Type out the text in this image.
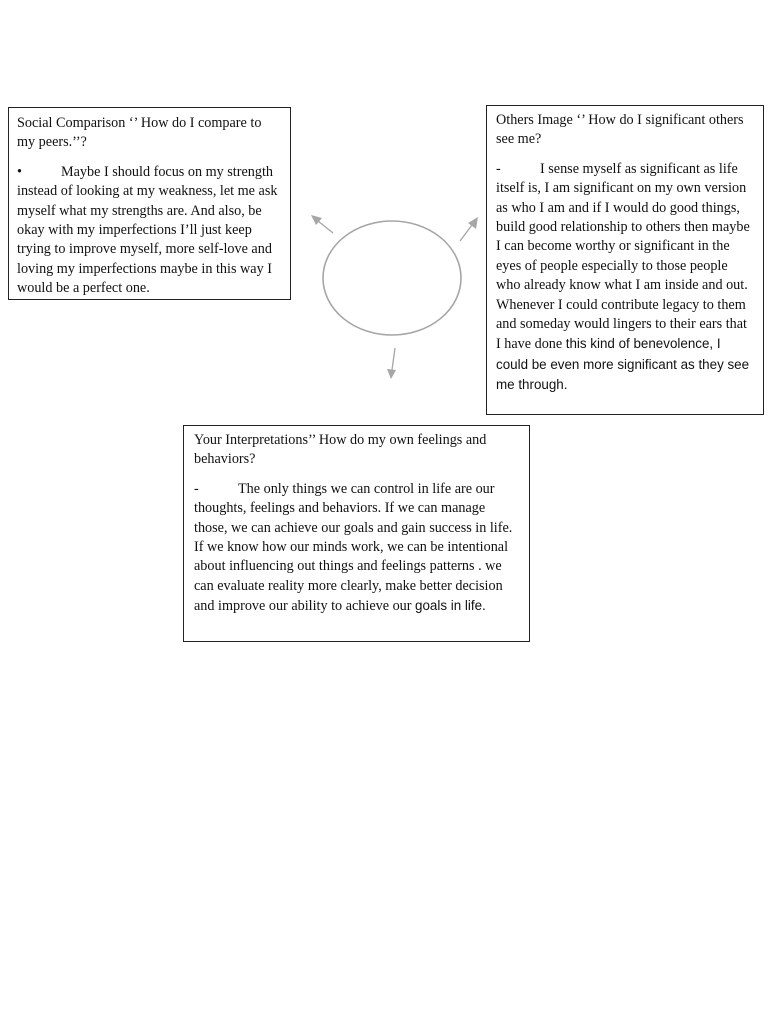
Social Comparison ‘’ How do I compare to my peers.’’?

•	Maybe I should focus on my strength instead of looking at my weakness, let me ask myself what my strengths are. And also, be okay with my imperfections I’ll just keep trying to improve myself, more self-love and loving my imperfections maybe in this way I would be a perfect one.

Others Image ‘’ How do I significant others see me?

-	I sense myself as significant as life itself is, I am significant on my own version as who I am and if I would do good things, build good relationship to others then maybe I can become worthy or significant in the eyes of people especially to those people who already know what I am inside and out. Whenever I could contribute legacy to them and someday would lingers to their ears that I have done this kind of benevolence, I could be even more significant as they see me through.

Your Interpretations’’ How do my own feelings and behaviors?

-	The only things we can control in life are our thoughts, feelings and behaviors. If we can manage those, we can achieve our goals and gain success in life. If we know how our minds work, we can be intentional about influencing out things and feelings patterns . we can evaluate reality more clearly, make better decision and improve our ability to achieve our goals in life.
